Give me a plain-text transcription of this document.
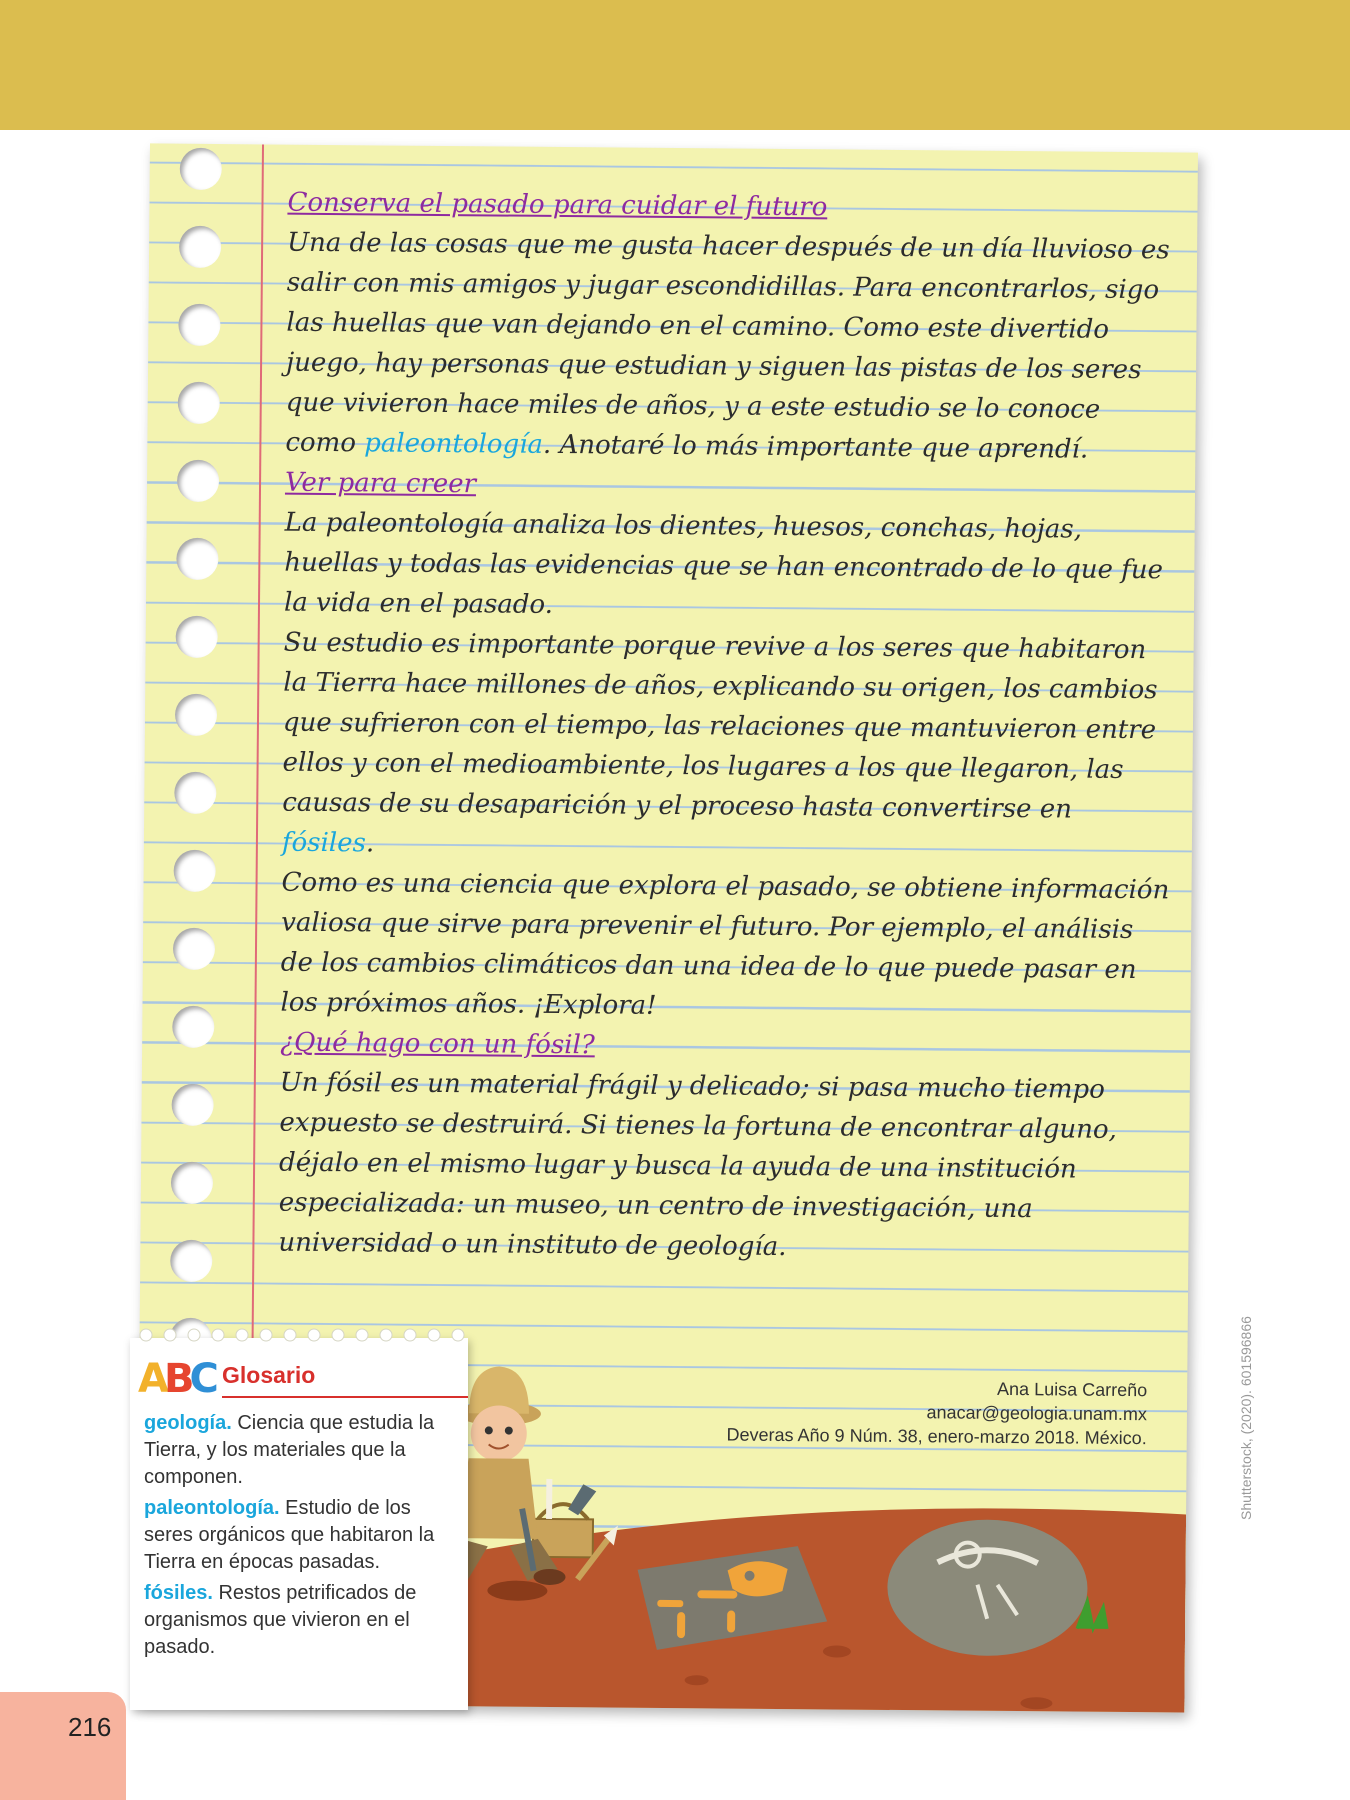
Conserva el pasado para cuidar el futuro

Una de las cosas que me gusta hacer después de un día lluvioso es salir con mis amigos y jugar escondidillas. Para encontrarlos, sigo las huellas que van dejando en el camino. Como este divertido juego, hay personas que estudian y siguen las pistas de los seres que vivieron hace miles de años, y a este estudio se lo conoce como paleontología. Anotaré lo más importante que aprendí.

Ver para creer

La paleontología analiza los dientes, huesos, conchas, hojas, huellas y todas las evidencias que se han encontrado de lo que fue la vida en el pasado.

Su estudio es importante porque revive a los seres que habitaron la Tierra hace millones de años, explicando su origen, los cambios que sufrieron con el tiempo, las relaciones que mantuvieron entre ellos y con el medioambiente, los lugares a los que llegaron, las causas de su desaparición y el proceso hasta convertirse en fósiles.

Como es una ciencia que explora el pasado, se obtiene información valiosa que sirve para prevenir el futuro. Por ejemplo, el análisis de los cambios climáticos dan una idea de lo que puede pasar en los próximos años. ¡Explora!

¿Qué hago con un fósil?

Un fósil es un material frágil y delicado; si pasa mucho tiempo expuesto se destruirá. Si tienes la fortuna de encontrar alguno, déjalo en el mismo lugar y busca la ayuda de una institución especializada: un museo, un centro de investigación, una universidad o un instituto de geología.

Ana Luisa Carreño
anacar@geologia.unam.mx
Deveras Año 9 Núm. 38, enero-marzo 2018. México.	Shutterstock, (2020). 601596866
ABC Glosario

geología. Ciencia que estudia la Tierra, y los materiales que la componen.

paleontología. Estudio de los seres orgánicos que habitaron la Tierra en épocas pasadas.

fósiles. Restos petrificados de organismos que vivieron en el pasado.

216
